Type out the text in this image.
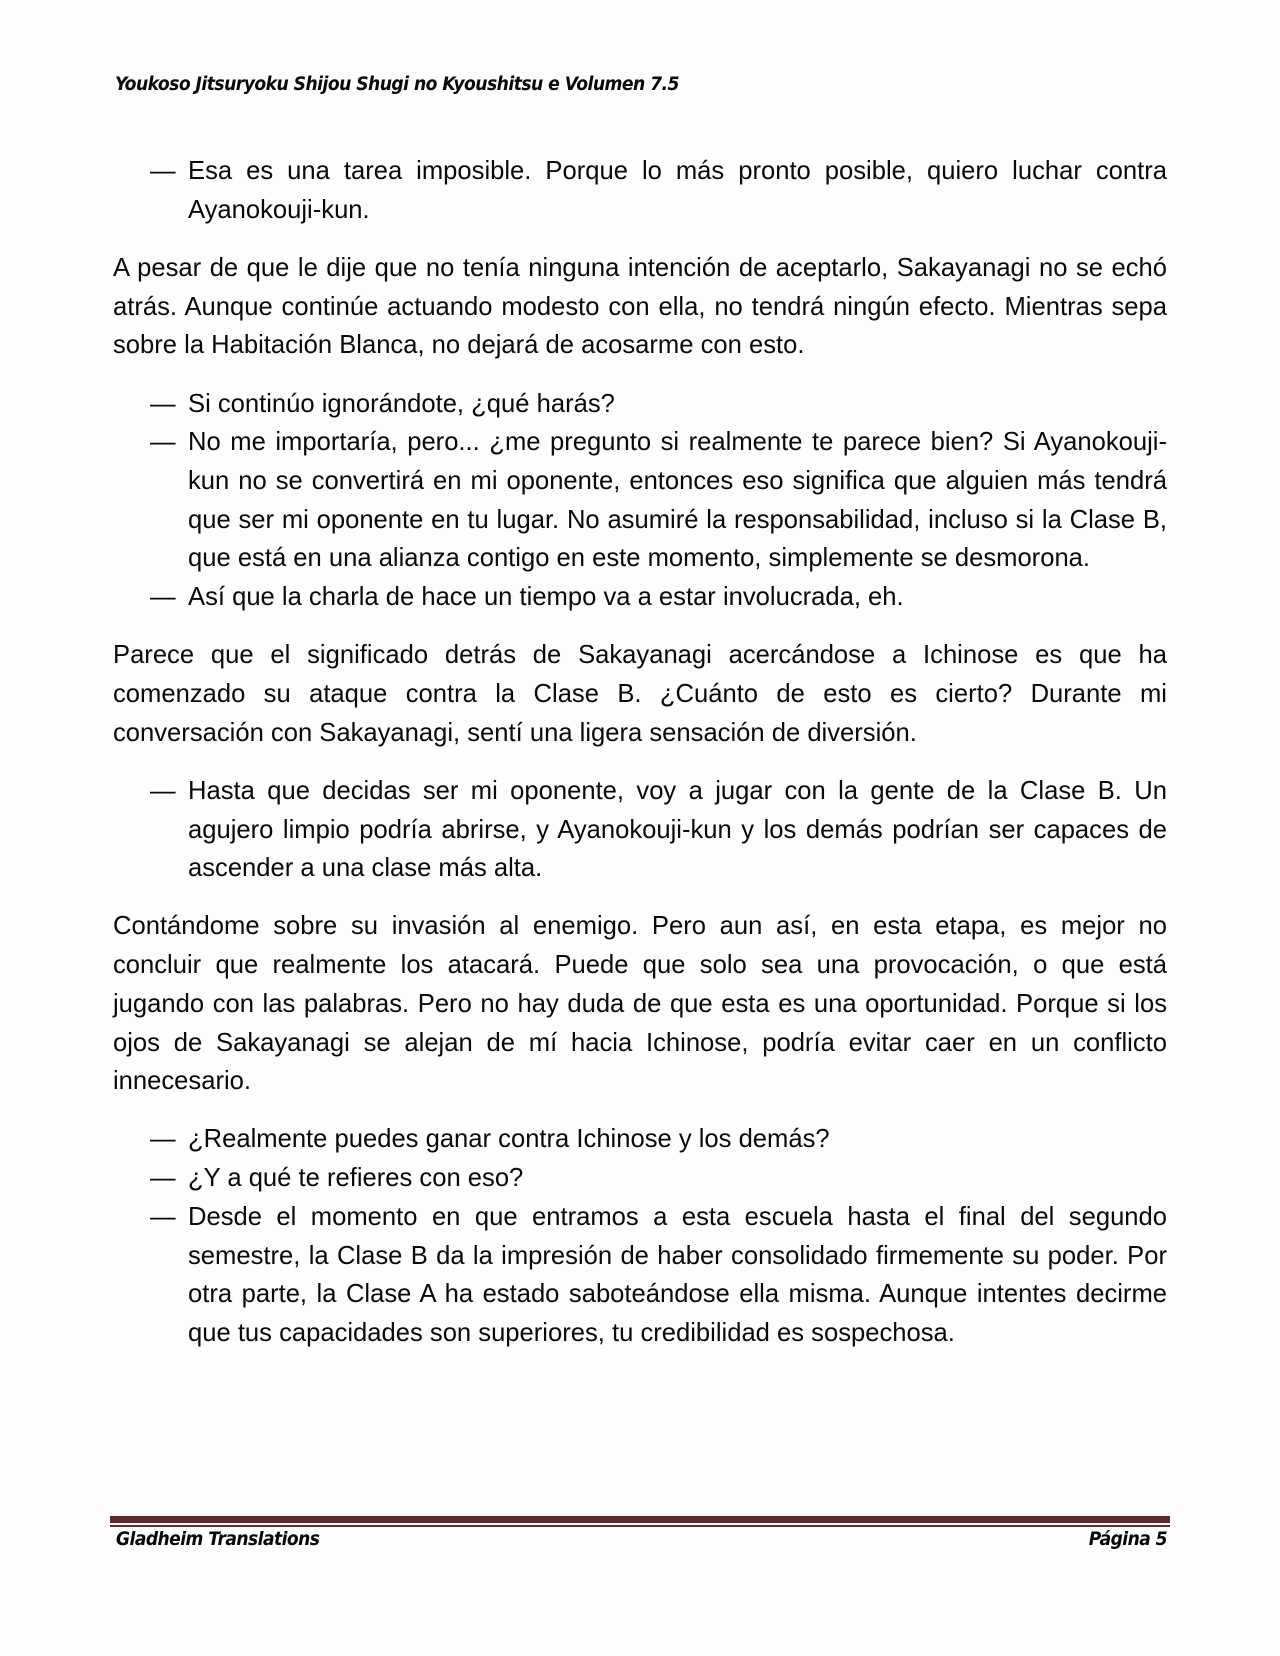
Youkoso Jitsuryoku Shijou Shugi no Kyoushitsu e Volumen 7.5

— Esa es una tarea imposible. Porque lo más pronto posible, quiero luchar contra Ayanokouji-kun.

A pesar de que le dije que no tenía ninguna intención de aceptarlo, Sakayanagi no se echó atrás. Aunque continúe actuando modesto con ella, no tendrá ningún efecto. Mientras sepa sobre la Habitación Blanca, no dejará de acosarme con esto.

— Si continúo ignorándote, ¿qué harás?

— No me importaría, pero... ¿me pregunto si realmente te parece bien? Si Ayanokouji-kun no se convertirá en mi oponente, entonces eso significa que alguien más tendrá que ser mi oponente en tu lugar. No asumiré la responsabilidad, incluso si la Clase B, que está en una alianza contigo en este momento, simplemente se desmorona.

— Así que la charla de hace un tiempo va a estar involucrada, eh.

Parece que el significado detrás de Sakayanagi acercándose a Ichinose es que ha comenzado su ataque contra la Clase B. ¿Cuánto de esto es cierto? Durante mi conversación con Sakayanagi, sentí una ligera sensación de diversión.

— Hasta que decidas ser mi oponente, voy a jugar con la gente de la Clase B. Un agujero limpio podría abrirse, y Ayanokouji-kun y los demás podrían ser capaces de ascender a una clase más alta.

Contándome sobre su invasión al enemigo. Pero aun así, en esta etapa, es mejor no concluir que realmente los atacará. Puede que solo sea una provocación, o que está jugando con las palabras. Pero no hay duda de que esta es una oportunidad. Porque si los ojos de Sakayanagi se alejan de mí hacia Ichinose, podría evitar caer en un conflicto innecesario.

— ¿Realmente puedes ganar contra Ichinose y los demás?

— ¿Y a qué te refieres con eso?

— Desde el momento en que entramos a esta escuela hasta el final del segundo semestre, la Clase B da la impresión de haber consolidado firmemente su poder. Por otra parte, la Clase A ha estado saboteándose ella misma. Aunque intentes decirme que tus capacidades son superiores, tu credibilidad es sospechosa.

Gladheim Translations	Página 5
